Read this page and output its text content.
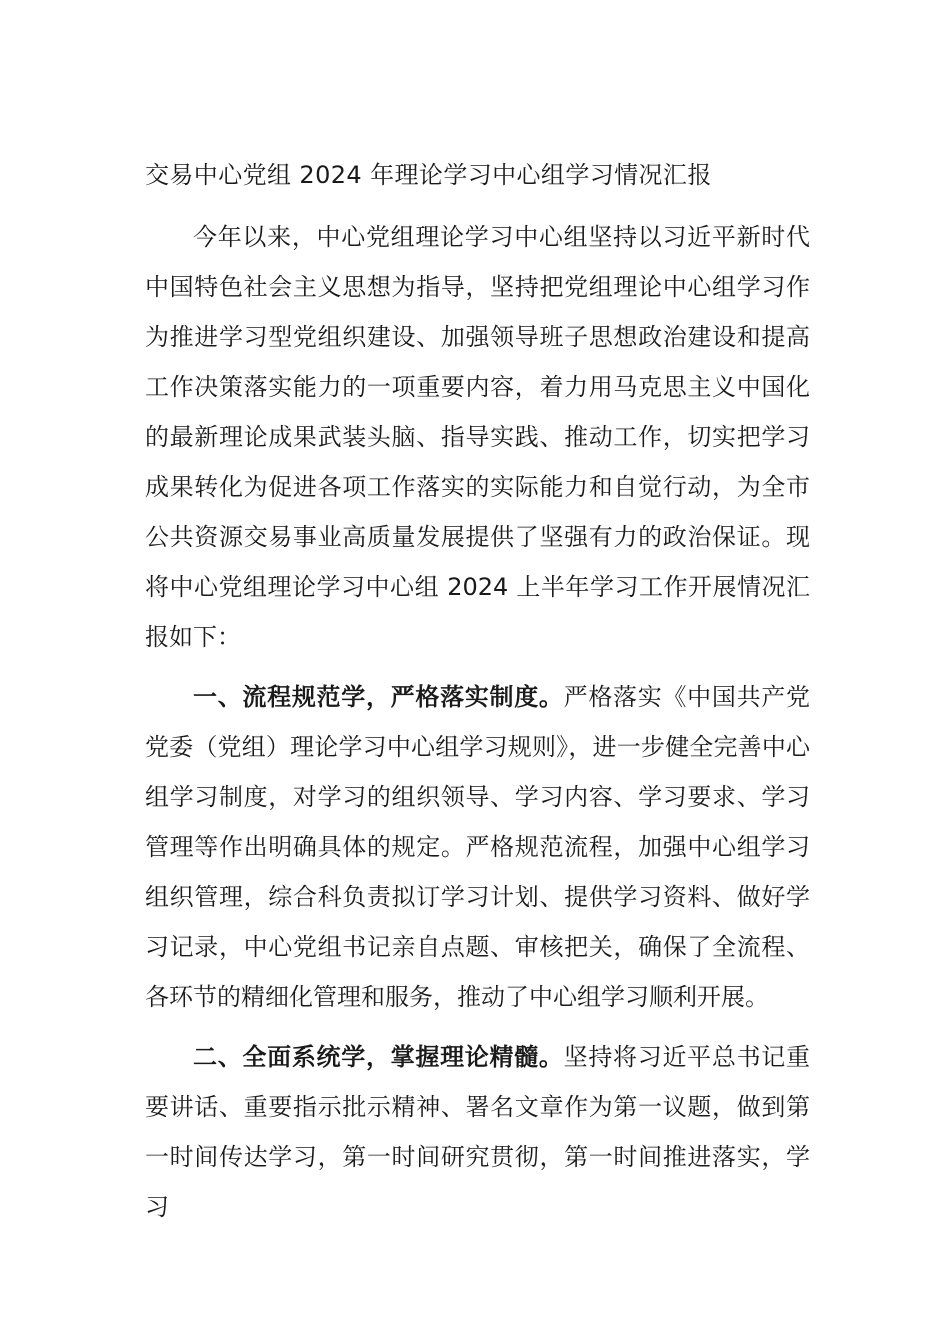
交易中心党组 2024 年理论学习中心组学习情况汇报

今年以来，中心党组理论学习中心组坚持以习近平新时代中国特色社会主义思想为指导，坚持把党组理论中心组学习作为推进学习型党组织建设、加强领导班子思想政治建设和提高工作决策落实能力的一项重要内容，着力用马克思主义中国化的最新理论成果武装头脑、指导实践、推动工作，切实把学习成果转化为促进各项工作落实的实际能力和自觉行动，为全市公共资源交易事业高质量发展提供了坚强有力的政治保证。现将中心党组理论学习中心组 2024 上半年学习工作开展情况汇报如下：

一、流程规范学，严格落实制度。严格落实《中国共产党党委（党组）理论学习中心组学习规则》，进一步健全完善中心组学习制度，对学习的组织领导、学习内容、学习要求、学习管理等作出明确具体的规定。严格规范流程，加强中心组学习组织管理，综合科负责拟订学习计划、提供学习资料、做好学习记录，中心党组书记亲自点题、审核把关，确保了全流程、各环节的精细化管理和服务，推动了中心组学习顺利开展。

二、全面系统学，掌握理论精髓。坚持将习近平总书记重要讲话、重要指示批示精神、署名文章作为第一议题，做到第一时间传达学习，第一时间研究贯彻，第一时间推进落实，学习
